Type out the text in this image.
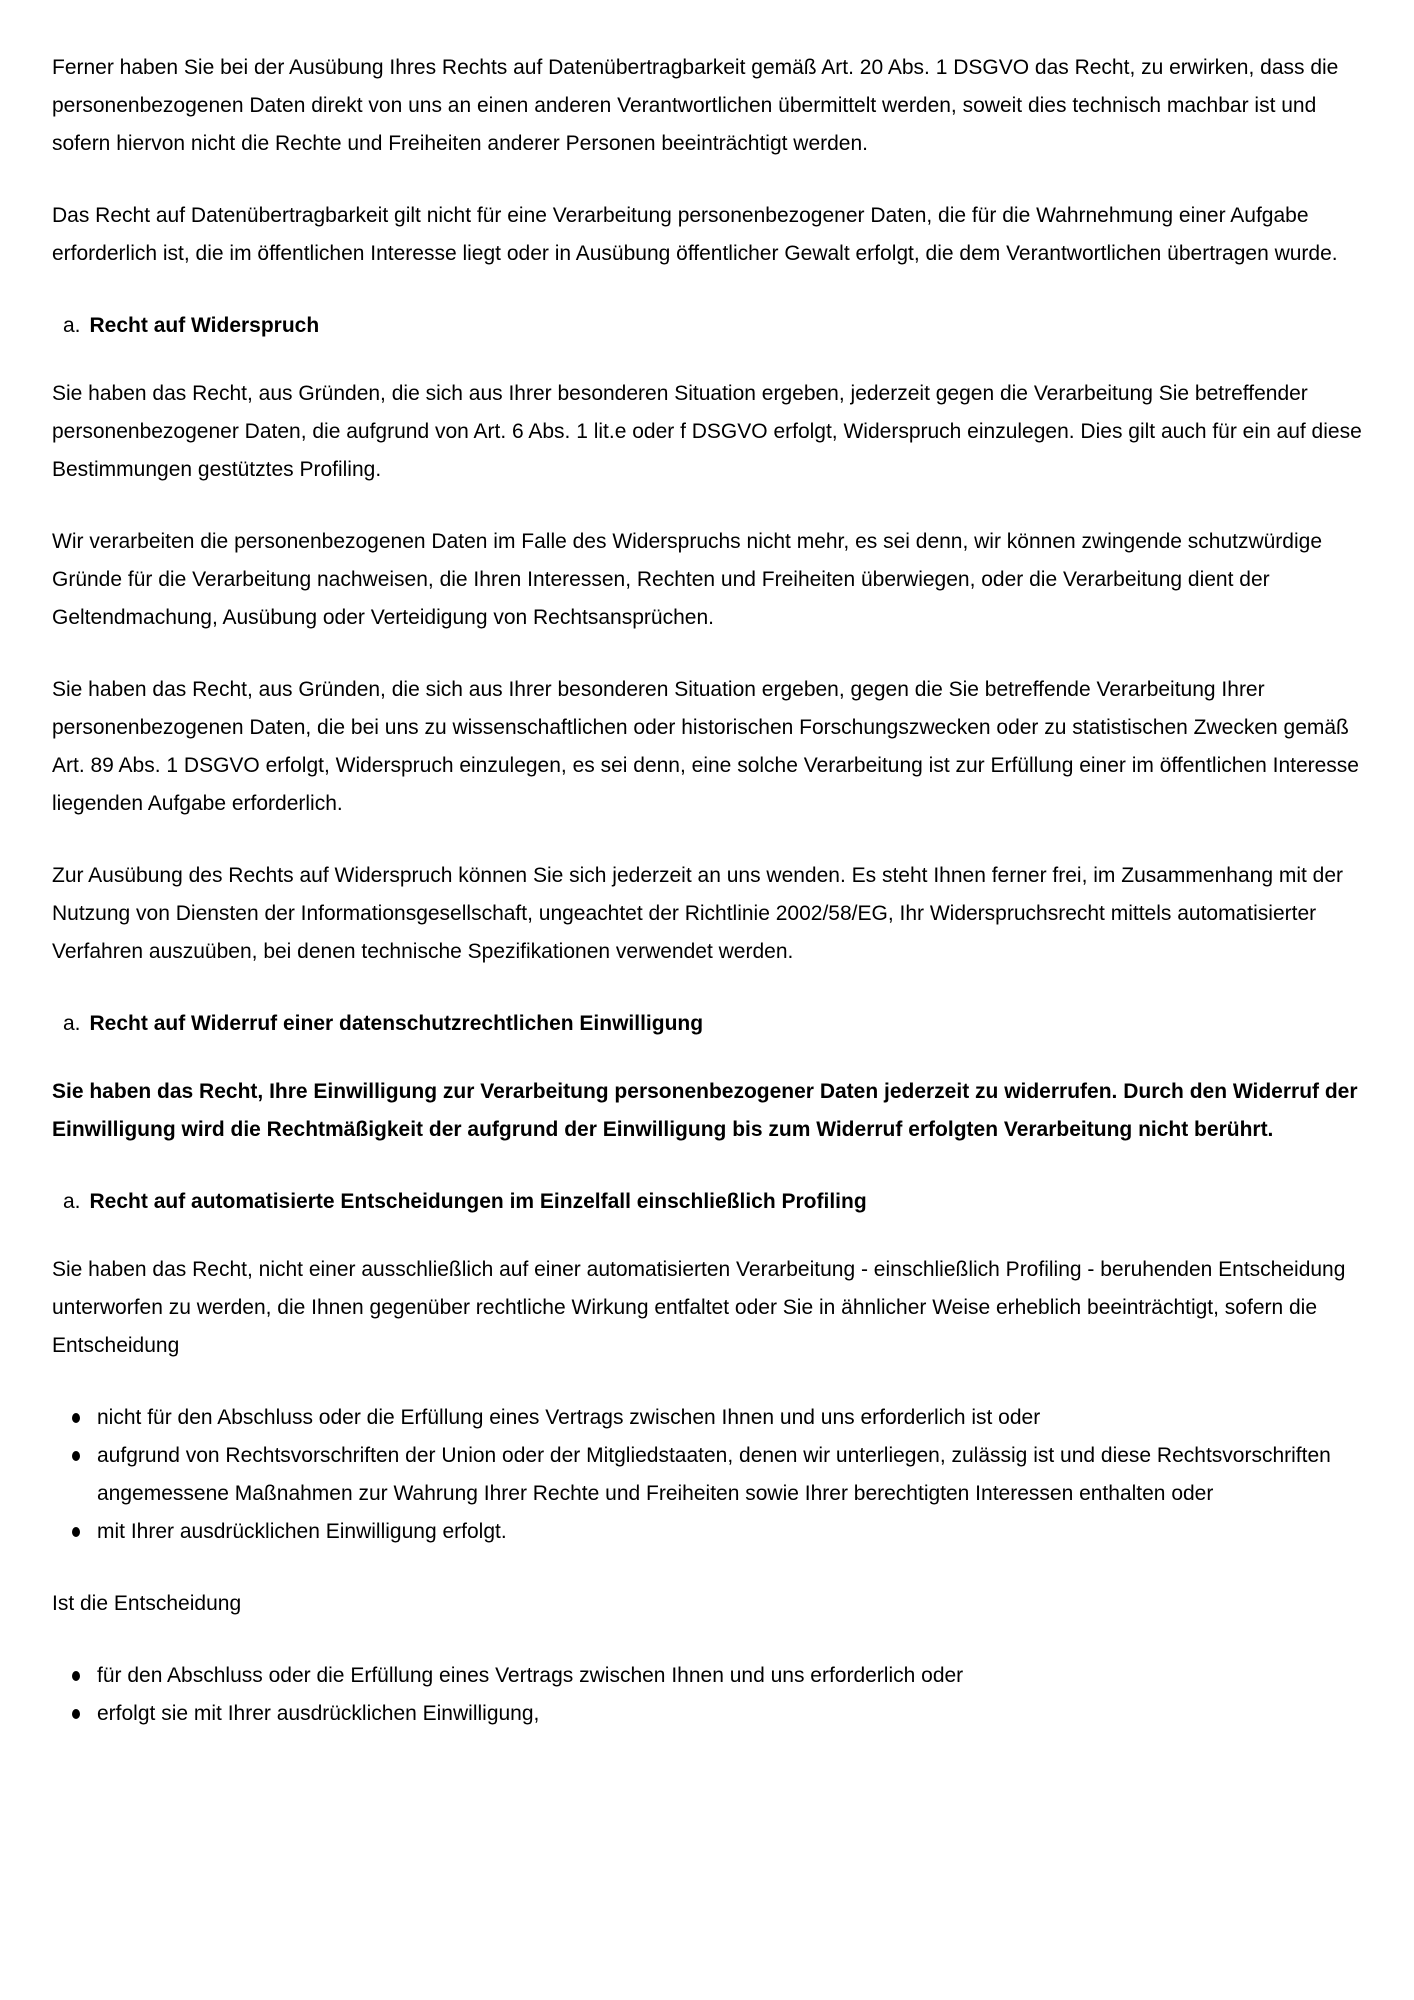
Ferner haben Sie bei der Ausübung Ihres Rechts auf Datenübertragbarkeit gemäß Art. 20 Abs. 1 DSGVO das Recht, zu erwirken, dass die personenbezogenen Daten direkt von uns an einen anderen Verantwortlichen übermittelt werden, soweit dies technisch machbar ist und sofern hiervon nicht die Rechte und Freiheiten anderer Personen beeinträchtigt werden.

Das Recht auf Datenübertragbarkeit gilt nicht für eine Verarbeitung personenbezogener Daten, die für die Wahrnehmung einer Aufgabe erforderlich ist, die im öffentlichen Interesse liegt oder in Ausübung öffentlicher Gewalt erfolgt, die dem Verantwortlichen übertragen wurde.

a. Recht auf Widerspruch

Sie haben das Recht, aus Gründen, die sich aus Ihrer besonderen Situation ergeben, jederzeit gegen die Verarbeitung Sie betreffender personenbezogener Daten, die aufgrund von Art. 6 Abs. 1 lit.e oder f DSGVO erfolgt, Widerspruch einzulegen. Dies gilt auch für ein auf diese Bestimmungen gestütztes Profiling.

Wir verarbeiten die personenbezogenen Daten im Falle des Widerspruchs nicht mehr, es sei denn, wir können zwingende schutzwürdige Gründe für die Verarbeitung nachweisen, die Ihren Interessen, Rechten und Freiheiten überwiegen, oder die Verarbeitung dient der Geltendmachung, Ausübung oder Verteidigung von Rechtsansprüchen.

Sie haben das Recht, aus Gründen, die sich aus Ihrer besonderen Situation ergeben, gegen die Sie betreffende Verarbeitung Ihrer personenbezogenen Daten, die bei uns zu wissenschaftlichen oder historischen Forschungszwecken oder zu statistischen Zwecken gemäß Art. 89 Abs. 1 DSGVO erfolgt, Widerspruch einzulegen, es sei denn, eine solche Verarbeitung ist zur Erfüllung einer im öffentlichen Interesse liegenden Aufgabe erforderlich.

Zur Ausübung des Rechts auf Widerspruch können Sie sich jederzeit an uns wenden. Es steht Ihnen ferner frei, im Zusammenhang mit der Nutzung von Diensten der Informationsgesellschaft, ungeachtet der Richtlinie 2002/58/EG, Ihr Widerspruchsrecht mittels automatisierter Verfahren auszuüben, bei denen technische Spezifikationen verwendet werden.

a. Recht auf Widerruf einer datenschutzrechtlichen Einwilligung

Sie haben das Recht, Ihre Einwilligung zur Verarbeitung personenbezogener Daten jederzeit zu widerrufen. Durch den Widerruf der Einwilligung wird die Rechtmäßigkeit der aufgrund der Einwilligung bis zum Widerruf erfolgten Verarbeitung nicht berührt.

a. Recht auf automatisierte Entscheidungen im Einzelfall einschließlich Profiling

Sie haben das Recht, nicht einer ausschließlich auf einer automatisierten Verarbeitung - einschließlich Profiling - beruhenden Entscheidung unterworfen zu werden, die Ihnen gegenüber rechtliche Wirkung entfaltet oder Sie in ähnlicher Weise erheblich beeinträchtigt, sofern die Entscheidung

nicht für den Abschluss oder die Erfüllung eines Vertrags zwischen Ihnen und uns erforderlich ist oder
aufgrund von Rechtsvorschriften der Union oder der Mitgliedstaaten, denen wir unterliegen, zulässig ist und diese Rechtsvorschriften angemessene Maßnahmen zur Wahrung Ihrer Rechte und Freiheiten sowie Ihrer berechtigten Interessen enthalten oder
mit Ihrer ausdrücklichen Einwilligung erfolgt.

Ist die Entscheidung

für den Abschluss oder die Erfüllung eines Vertrags zwischen Ihnen und uns erforderlich oder
erfolgt sie mit Ihrer ausdrücklichen Einwilligung,
